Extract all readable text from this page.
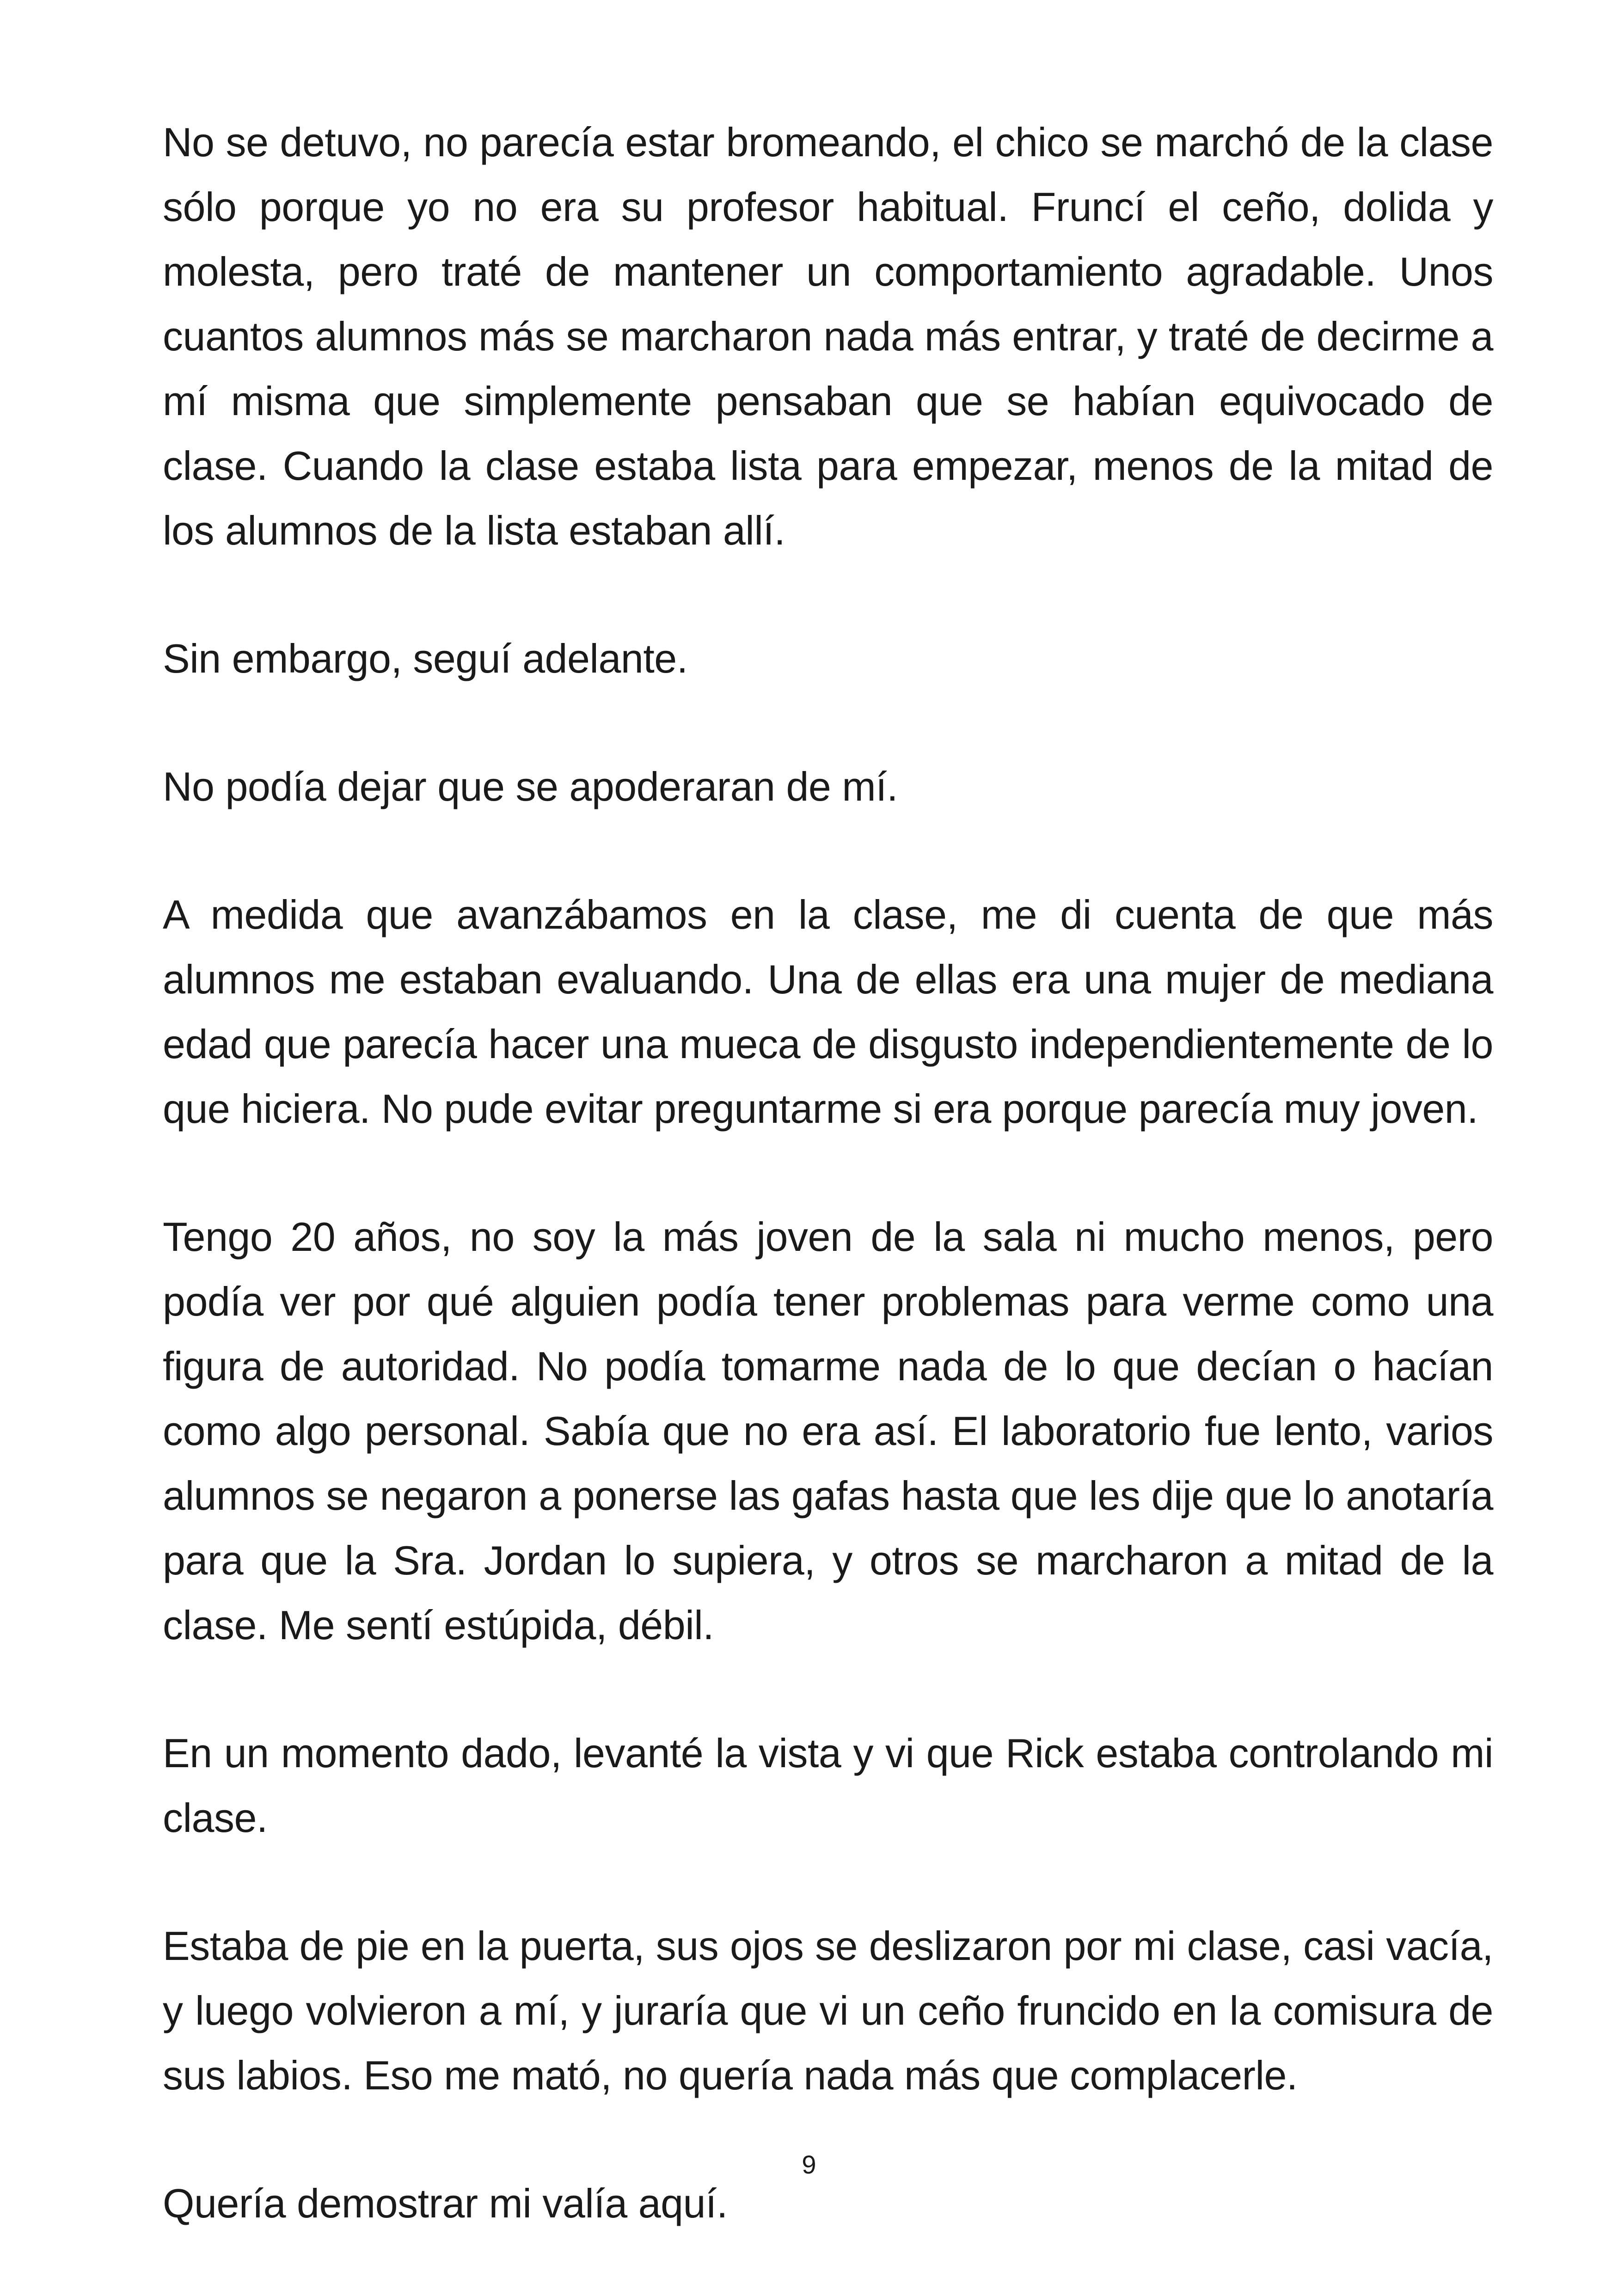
No se detuvo, no parecía estar bromeando, el chico se marchó de la clase sólo porque yo no era su profesor habitual. Fruncí el ceño, dolida y molesta, pero traté de mantener un comportamiento agradable. Unos cuantos alumnos más se marcharon nada más entrar, y traté de decirme a mí misma que simplemente pensaban que se habían equivocado de clase. Cuando la clase estaba lista para empezar, menos de la mitad de los alumnos de la lista estaban allí.

Sin embargo, seguí adelante.

No podía dejar que se apoderaran de mí.

A medida que avanzábamos en la clase, me di cuenta de que más alumnos me estaban evaluando. Una de ellas era una mujer de mediana edad que parecía hacer una mueca de disgusto independientemente de lo que hiciera. No pude evitar preguntarme si era porque parecía muy joven.

Tengo 20 años, no soy la más joven de la sala ni mucho menos, pero podía ver por qué alguien podía tener problemas para verme como una figura de autoridad. No podía tomarme nada de lo que decían o hacían como algo personal. Sabía que no era así. El laboratorio fue lento, varios alumnos se negaron a ponerse las gafas hasta que les dije que lo anotaría para que la Sra. Jordan lo supiera, y otros se marcharon a mitad de la clase. Me sentí estúpida, débil.

En un momento dado, levanté la vista y vi que Rick estaba controlando mi clase.

Estaba de pie en la puerta, sus ojos se deslizaron por mi clase, casi vacía, y luego volvieron a mí, y juraría que vi un ceño fruncido en la comisura de sus labios. Eso me mató, no quería nada más que complacerle.

Quería demostrar mi valía aquí.

9
